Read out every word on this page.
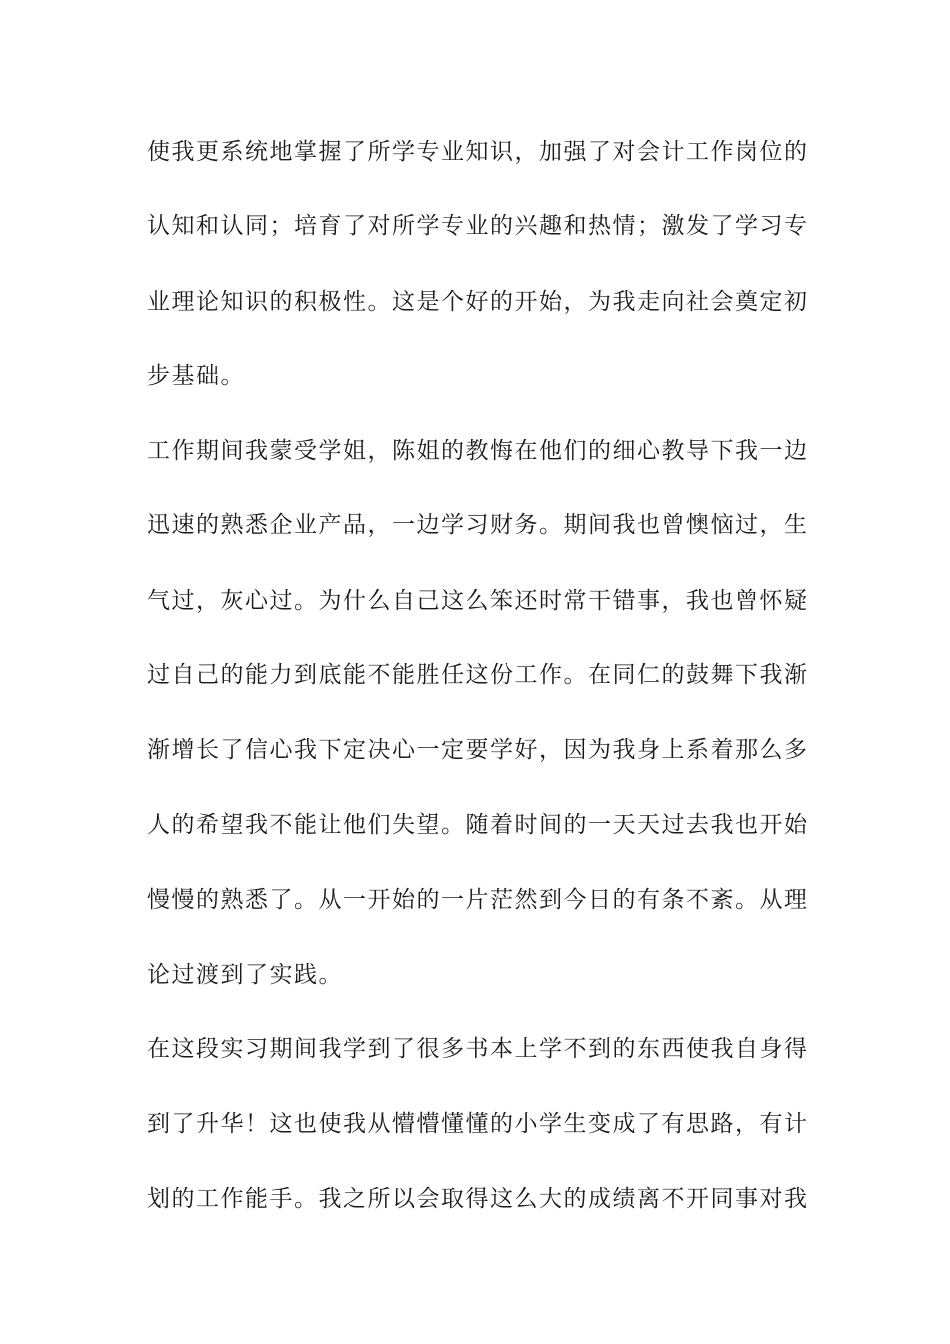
使我更系统地掌握了所学专业知识，加强了对会计工作岗位的
认知和认同；培育了对所学专业的兴趣和热情；激发了学习专
业理论知识的积极性。这是个好的开始，为我走向社会奠定初
步基础。
工作期间我蒙受学姐，陈姐的教悔在他们的细心教导下我一边
迅速的熟悉企业产品，一边学习财务。期间我也曾懊恼过，生
气过，灰心过。为什么自己这么笨还时常干错事，我也曾怀疑
过自己的能力到底能不能胜任这份工作。在同仁的鼓舞下我渐
渐增长了信心我下定决心一定要学好，因为我身上系着那么多
人的希望我不能让他们失望。随着时间的一天天过去我也开始
慢慢的熟悉了。从一开始的一片茫然到今日的有条不紊。从理
论过渡到了实践。
在这段实习期间我学到了很多书本上学不到的东西使我自身得
到了升华！这也使我从懵懵懂懂的小学生变成了有思路，有计
划的工作能手。我之所以会取得这么大的成绩离不开同事对我
